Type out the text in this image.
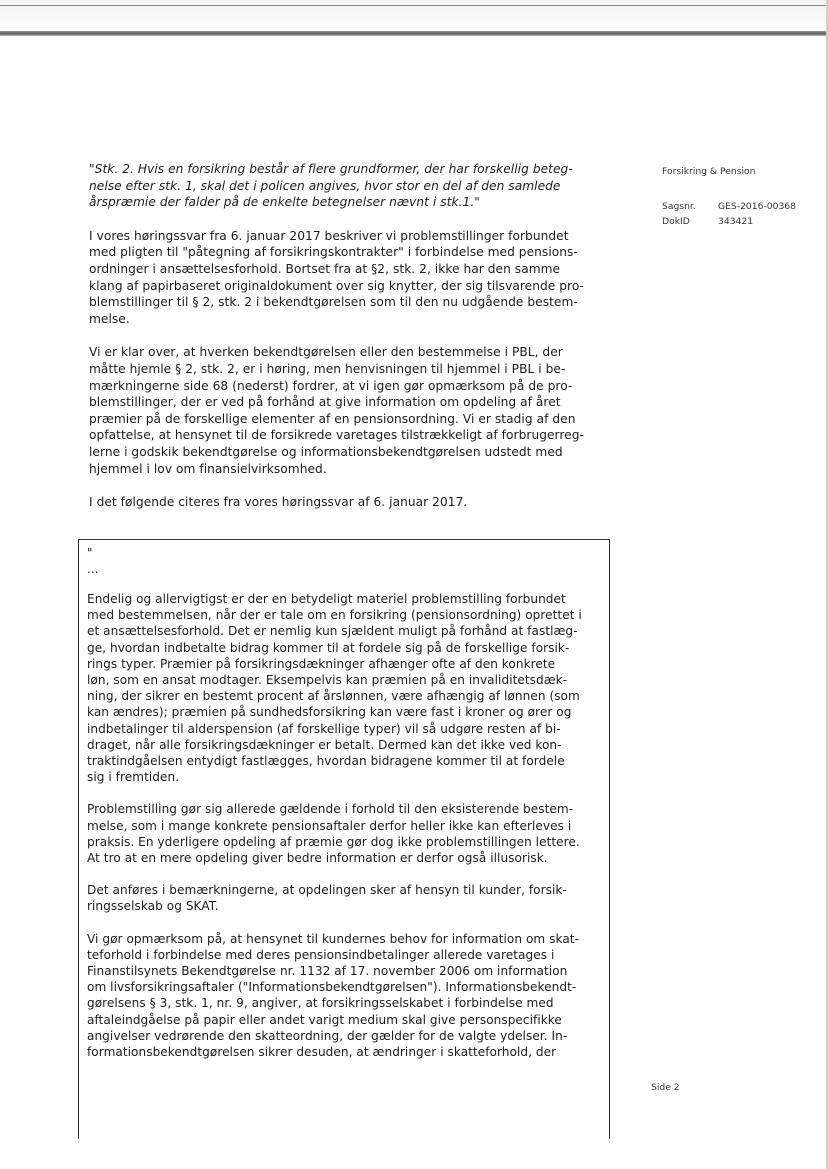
"Stk. 2. Hvis en forsikring består af flere grundformer, der har forskellig beteg-
nelse efter stk. 1, skal det i policen angives, hvor stor en del af den samlede
årspræmie der falder på de enkelte betegnelser nævnt i stk.1."

I vores høringssvar fra 6. januar 2017 beskriver vi problemstillinger forbundet
med pligten til "påtegning af forsikringskontrakter" i forbindelse med pensions-
ordninger i ansættelsesforhold. Bortset fra at §2, stk. 2, ikke har den samme
klang af papirbaseret originaldokument over sig knytter, der sig tilsvarende pro-
blemstillinger til § 2, stk. 2 i bekendtgørelsen som til den nu udgående bestem-
melse.

Vi er klar over, at hverken bekendtgørelsen eller den bestemmelse i PBL, der
måtte hjemle § 2, stk. 2, er i høring, men henvisningen til hjemmel i PBL i be-
mærkningerne side 68 (nederst) fordrer, at vi igen gør opmærksom på de pro-
blemstillinger, der er ved på forhånd at give information om opdeling af året
præmier på de forskellige elementer af en pensionsordning. Vi er stadig af den
opfattelse, at hensynet til de forsikrede varetages tilstrækkeligt af forbrugerreg-
lerne i godskik bekendtgørelse og informationsbekendtgørelsen udstedt med
hjemmel i lov om finansielvirksomhed.

I det følgende citeres fra vores høringssvar af 6. januar 2017.

"
...

Endelig og allervigtigst er der en betydeligt materiel problemstilling forbundet
med bestemmelsen, når der er tale om en forsikring (pensionsordning) oprettet i
et ansættelsesforhold. Det er nemlig kun sjældent muligt på forhånd at fastlæg-
ge, hvordan indbetalte bidrag kommer til at fordele sig på de forskellige forsik-
rings typer. Præmier på forsikringsdækninger afhænger ofte af den konkrete
løn, som en ansat modtager. Eksempelvis kan præmien på en invaliditetsdæk-
ning, der sikrer en bestemt procent af årslønnen, være afhængig af lønnen (som
kan ændres); præmien på sundhedsforsikring kan være fast i kroner og ører og
indbetalinger til alderspension (af forskellige typer) vil så udgøre resten af bi-
draget, når alle forsikringsdækninger er betalt. Dermed kan det ikke ved kon-
traktindgåelsen entydigt fastlægges, hvordan bidragene kommer til at fordele
sig i fremtiden.

Problemstilling gør sig allerede gældende i forhold til den eksisterende bestem-
melse, som i mange konkrete pensionsaftaler derfor heller ikke kan efterleves i
praksis. En yderligere opdeling af præmie gør dog ikke problemstillingen lettere.
At tro at en mere opdeling giver bedre information er derfor også illusorisk.

Det anføres i bemærkningerne, at opdelingen sker af hensyn til kunder, forsik-
ringsselskab og SKAT.

Vi gør opmærksom på, at hensynet til kundernes behov for information om skat-
teforhold i forbindelse med deres pensionsindbetalinger allerede varetages i
Finanstilsynets Bekendtgørelse nr. 1132 af 17. november 2006 om information
om livsforsikringsaftaler ("Informationsbekendtgørelsen"). Informationsbekendt-
gørelsens § 3, stk. 1, nr. 9, angiver, at forsikringsselskabet i forbindelse med
aftaleindgåelse på papir eller andet varigt medium skal give personspecifikke
angivelser vedrørende den skatteordning, der gælder for de valgte ydelser. In-
formationsbekendtgørelsen sikrer desuden, at ændringer i skatteforhold, der

Forsikring & Pension
Sagsnr.	GES-2016-00368
DokID	343421
Side 2
